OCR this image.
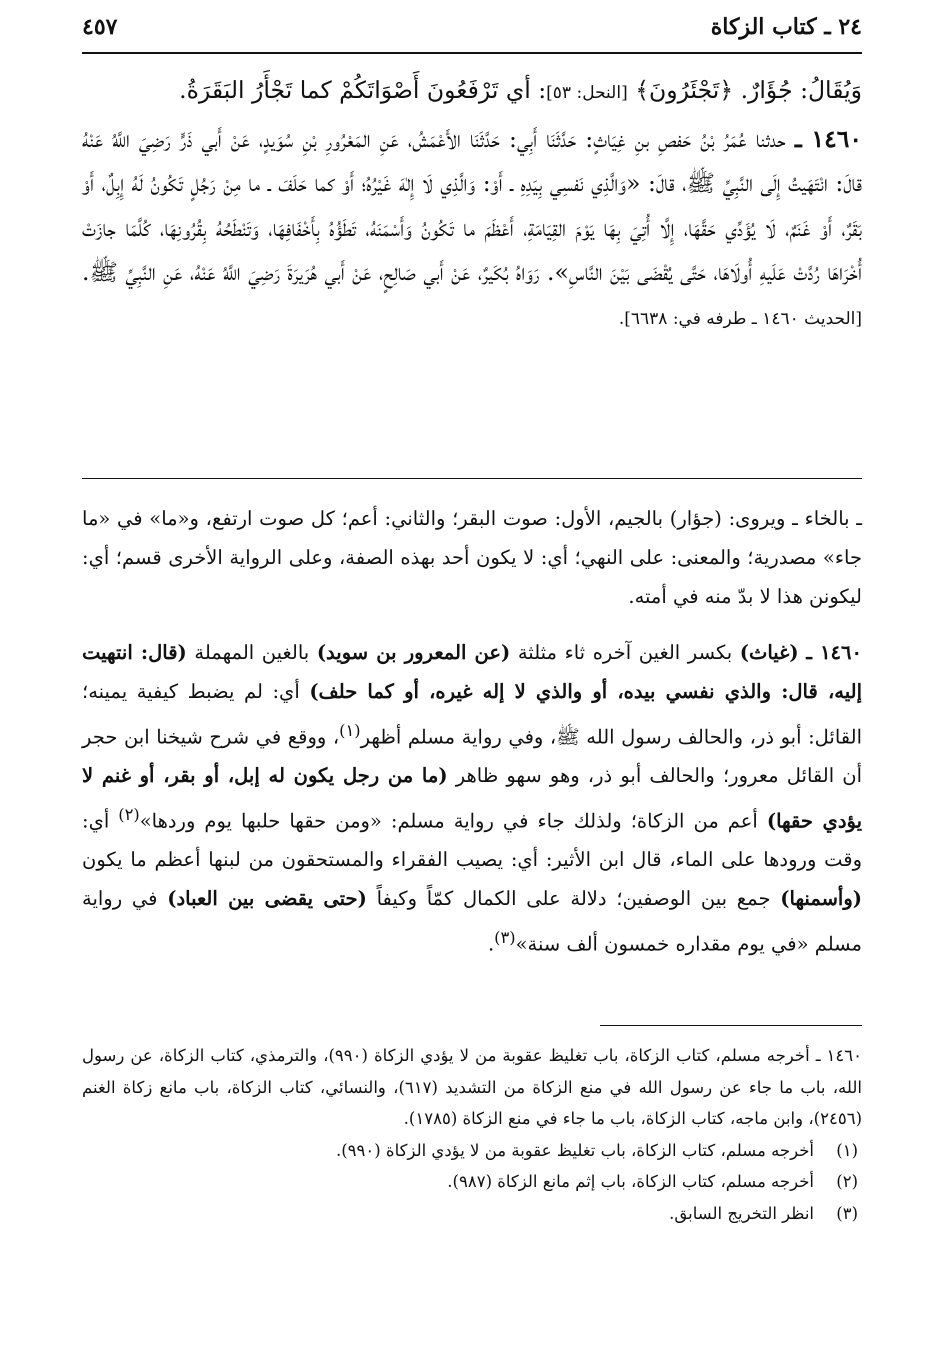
٢٤ ـ كتاب الزكاة
٤٥٧

وَيُقَالُ: جُؤَارٌ. ﴿تَجْئَرُونَ﴾ [النحل: ٥٣]: أي تَرْفَعُونَ أَصْوَاتَكُمْ كما تَجْأَرُ البَقَرَةُ.

١٤٦٠ ـ حدثنا عُمَرُ بْنُ حَفصِ بنِ غِيَاثٍ: حَدَّثَنَا أَبِي: حَدَّثَنَا الأَعْمَشُ، عَنِ المَعْرُورِ بْنِ سُوَيدٍ، عَنْ أَبي ذَرٍّ رَضِيَ اللَّهُ عَنْهُ قالَ: انْتَهَيتُ إِلَى النَّبِيِّ ﷺ، قالَ: «وَالَّذِي نَفسِي بِيَدِهِ ـ أَوْ: وَالَّذِي لَا إِلٰهَ غَيْرُهُ؛ أَوْ كما حَلَفَ ـ ما مِنْ رَجُلٍ تَكُونُ لَهُ إِبِلٌ، أَوْ بَقَرٌ، أَوْ غَنَمٌ، لَا يُؤَدِّي حَقَّهَا، إِلَّا أُتِيَ بِهَا يَوْمَ القِيَامَةِ، أَعْظَمَ ما تَكُونُ وَأَسْمَنَهُ، تَطَؤُهُ بِأَخْفَافِهَا، وَتَنْطَحُهُ بِقُرُونِهَا، كُلَّمَا جازَتْ أُخْرَاهَا رُدَّتْ عَلَيهِ أُولَاهَا، حَتَّى يُقْضَى بَيْنَ النَّاسِ». رَوَاهُ بُكَيرٌ، عَنْ أَبي صَالِحٍ، عَنْ أَبي هُرَيرَةَ رَضِيَ اللَّهُ عَنْهُ، عَنِ النَّبِيِّ ﷺ. [الحديث ١٤٦٠ ـ طرفه في: ٦٦٣٨].

ـ بالخاء ـ ويروى: (جؤار) بالجيم، الأول: صوت البقر؛ والثاني: أعم؛ كل صوت ارتفع، و«ما» في «ما جاء» مصدرية؛ والمعنى: على النهي؛ أي: لا يكون أحد بهذه الصفة، وعلى الرواية الأخرى قسم؛ أي: ليكونن هذا لا بدّ منه في أمته.

١٤٦٠ ـ (غياث) بكسر الغين آخره ثاء مثلثة (عن المعرور بن سويد) بالغين المهملة (قال: انتهيت إليه، قال: والذي نفسي بيده، أو والذي لا إله غيره، أو كما حلف) أي: لم يضبط كيفية يمينه؛ القائل: أبو ذر، والحالف رسول الله ﷺ، وفي رواية مسلم أظهر$^{(١)}$، ووقع في شرح شيخنا ابن حجر أن القائل معرور؛ والحالف أبو ذر، وهو سهو ظاهر (ما من رجل يكون له إبل، أو بقر، أو غنم لا يؤدي حقها) أعم من الزكاة؛ ولذلك جاء في رواية مسلم: «ومن حقها حلبها يوم وردها»$^{(٢)}$ أي: وقت ورودها على الماء، قال ابن الأثير: أي: يصيب الفقراء والمستحقون من لبنها أعظم ما يكون (وأسمنها) جمع بين الوصفين؛ دلالة على الكمال كمّاً وكيفاً (حتى يقضى بين العباد) في رواية مسلم «في يوم مقداره خمسون ألف سنة»$^{(٣)}$.

١٤٦٠ ـ أخرجه مسلم، كتاب الزكاة، باب تغليظ عقوبة من لا يؤدي الزكاة (٩٩٠)، والترمذي، كتاب الزكاة، عن رسول الله، باب ما جاء عن رسول الله في منع الزكاة من التشديد (٦١٧)، والنسائي، كتاب الزكاة، باب مانع زكاة الغنم (٢٤٥٦)، وابن ماجه، كتاب الزكاة، باب ما جاء في منع الزكاة (١٧٨٥).

(١)
أخرجه مسلم، كتاب الزكاة، باب تغليظ عقوبة من لا يؤدي الزكاة (٩٩٠).

(٢)
أخرجه مسلم، كتاب الزكاة، باب إثم مانع الزكاة (٩٨٧).

(٣)
انظر التخريج السابق.
